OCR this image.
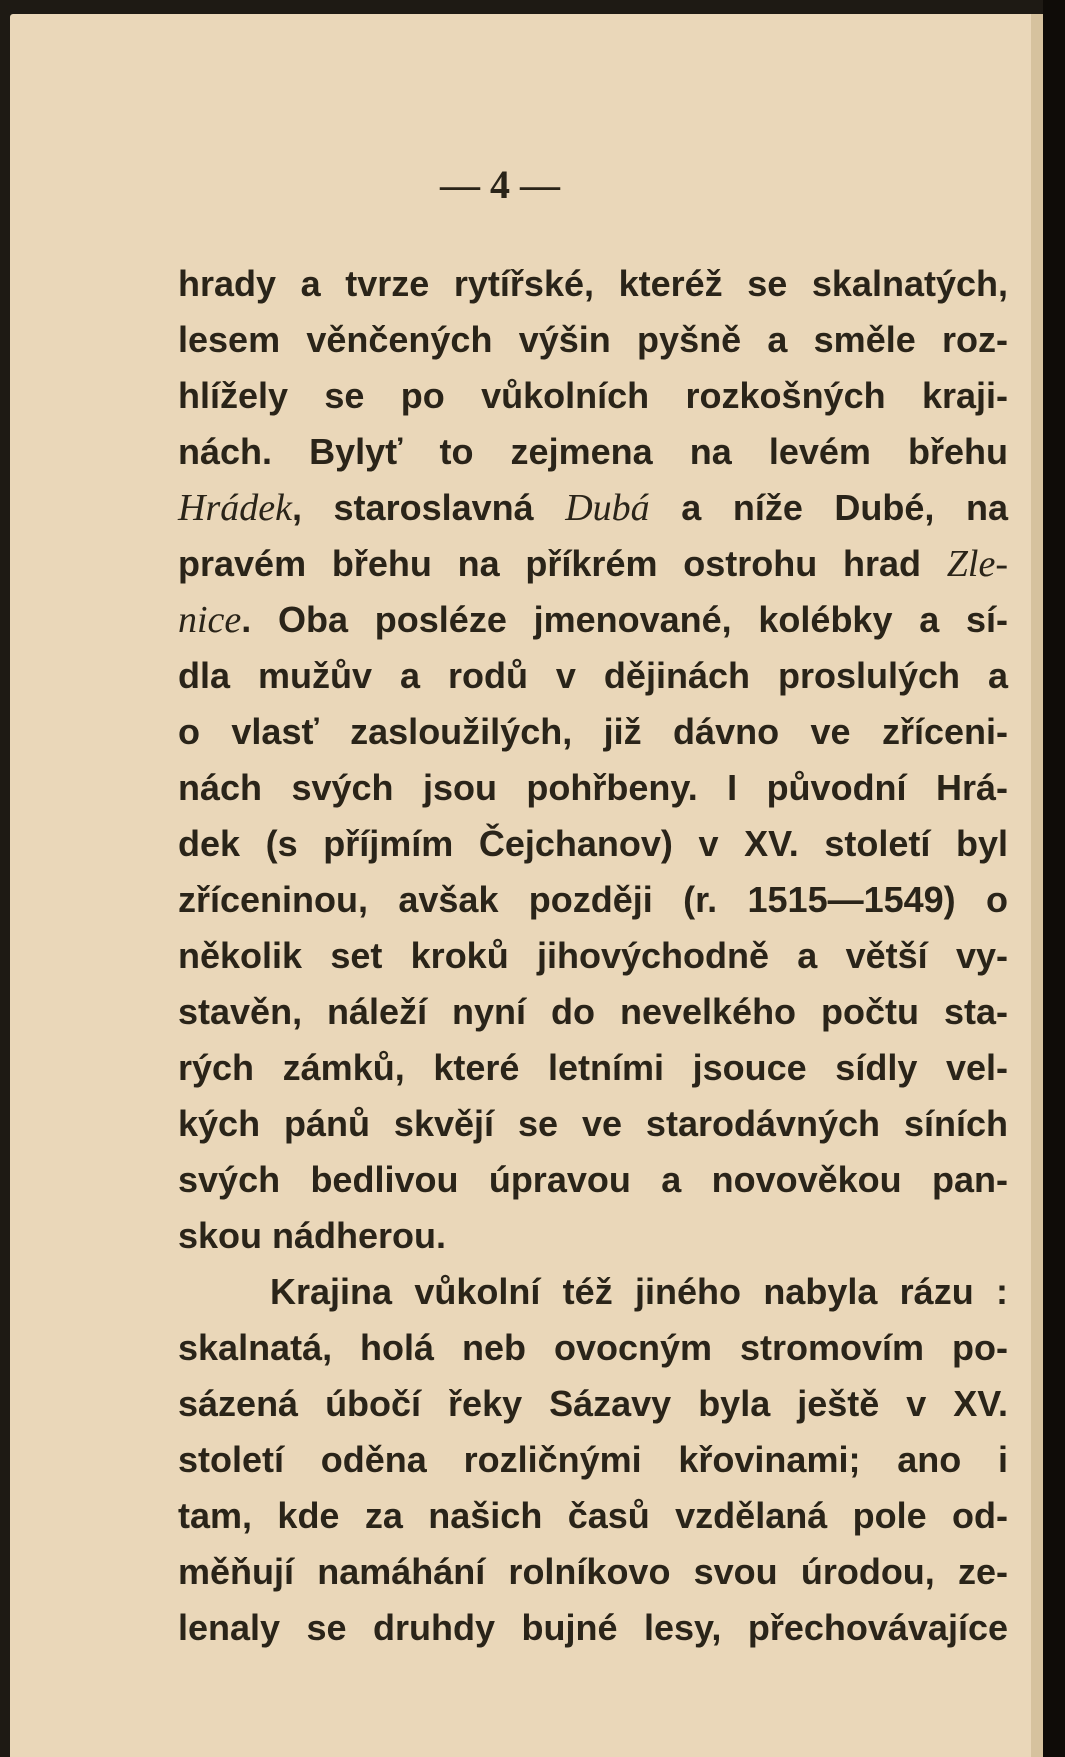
— 4 —
hrady a tvrze rytířské, kteréž se skalnatých,
lesem věnčených výšin pyšně a směle roz-
hlížely se po vůkolních rozkošných kraji-
nách. Bylyť to zejmena na levém břehu
Hrádek, staroslavná Dubá a níže Dubé, na
pravém břehu na příkrém ostrohu hrad Zle-
nice. Oba posléze jmenované, kolébky a sí-
dla mužův a rodů v dějinách proslulých a
o vlasť zasloužilých, již dávno ve zříceni-
nách svých jsou pohřbeny. I původní Hrá-
dek (s příjmím Čejchanov) v XV. století byl
zříceninou, avšak později (r. 1515—1549) o
několik set kroků jihovýchodně a větší vy-
stavěn, náleží nyní do nevelkého počtu sta-
rých zámků, které letními jsouce sídly vel-
kých pánů skvějí se ve starodávných síních
svých bedlivou úpravou a novověkou pan-
skou nádherou.
Krajina vůkolní též jiného nabyla rázu :
skalnatá, holá neb ovocným stromovím po-
sázená úbočí řeky Sázavy byla ještě v XV.
století oděna rozličnými křovinami; ano i
tam, kde za našich časů vzdělaná pole od-
měňují namáhání rolníkovo svou úrodou, ze-
lenaly se druhdy bujné lesy, přechovávajíce
